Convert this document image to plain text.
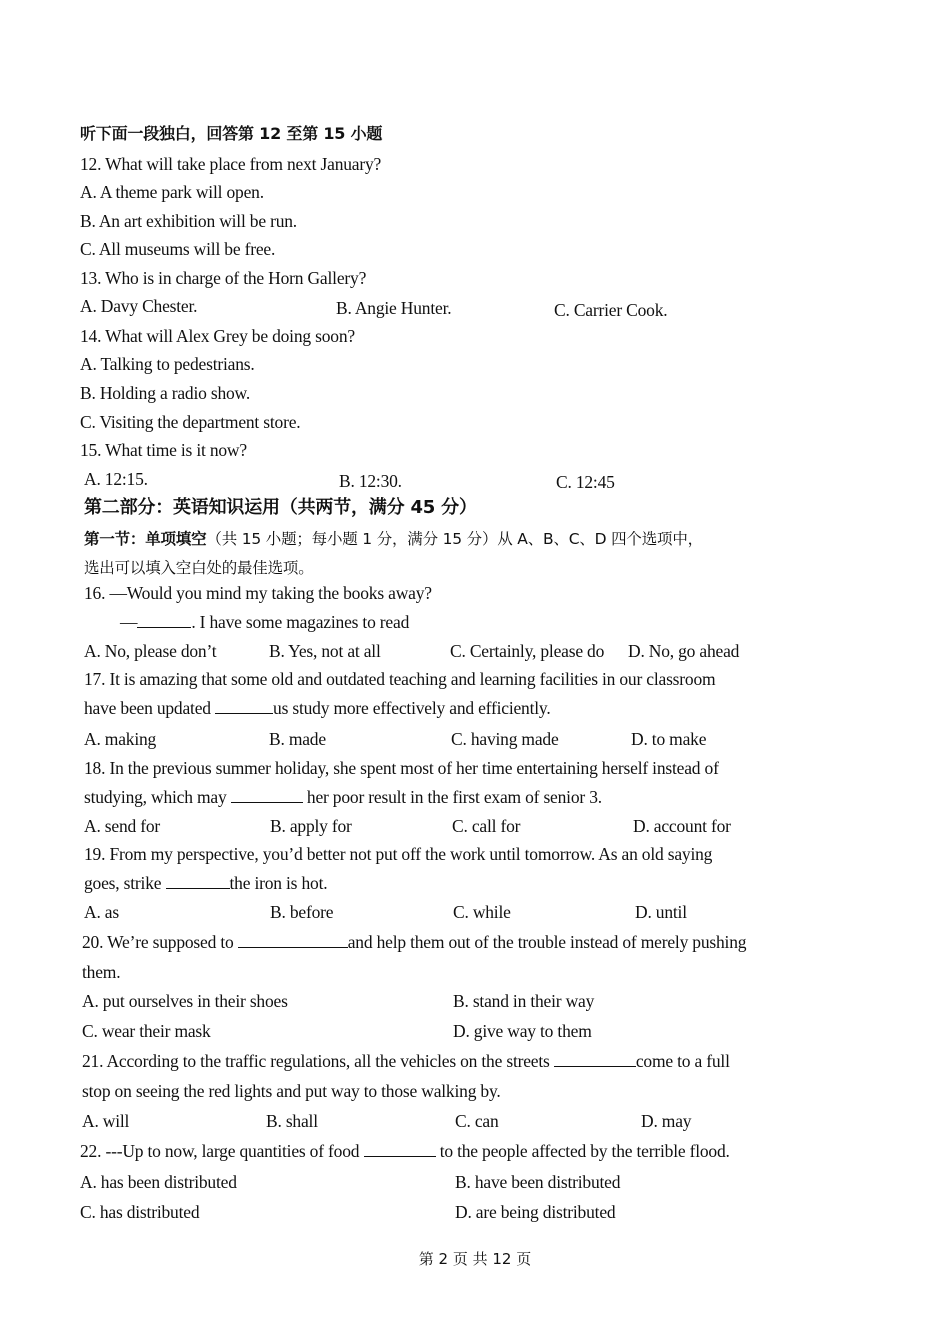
听下面一段独白，回答第 12 至第 15 小题
12. What will take place from next January?
A. A theme park will open.
B. An art exhibition will be run.
C. All museums will be free.
13. Who is in charge of the Horn Gallery?
A. Davy Chester.	B. Angie Hunter.	C. Carrier Cook.
14. What will Alex Grey be doing soon?
A. Talking to pedestrians.
B. Holding a radio show.
C. Visiting the department store.
15. What time is it now?
A. 12:15.	B. 12:30.	C. 12:45
第二部分：英语知识运用（共两节，满分 45 分）
第一节：单项填空（共 15 小题；每小题 1 分，满分 15 分）从 A、B、C、D 四个选项中，
选出可以填入空白处的最佳选项。
16. —Would you mind my taking the books away?
—	. I have some magazines to read
A. No, please don’t	B. Yes, not at all	C. Certainly, please do D. No, go ahead
17. It is amazing that some old and outdated teaching and learning facilities in our classroom
have been updated	us study more effectively and efficiently.
A. making	B. made	C. having made	D. to make
18. In the previous summer holiday, she spent most of her time entertaining herself instead of
studying, which may	her poor result in the first exam of senior 3.
A. send for	B. apply for	C. call for	D. account for
19. From my perspective, you’d better not put off the work until tomorrow. As an old saying
goes, strike	the iron is hot.
A. as	B. before	C. while	D. until
20. We’re supposed to	and help them out of the trouble instead of merely pushing
them.
A. put ourselves in their shoes	B. stand in their way
C. wear their mask	D. give way to them
21. According to the traffic regulations, all the vehicles on the streets	come to a full
stop on seeing the red lights and put way to those walking by.
A. will	B. shall	C. can	D. may
22. ---Up to now, large quantities of food	to the people affected by the terrible flood.
A. has been distributed	B. have been distributed
C. has distributed	D. are being distributed
第 2 页 共 12 页
